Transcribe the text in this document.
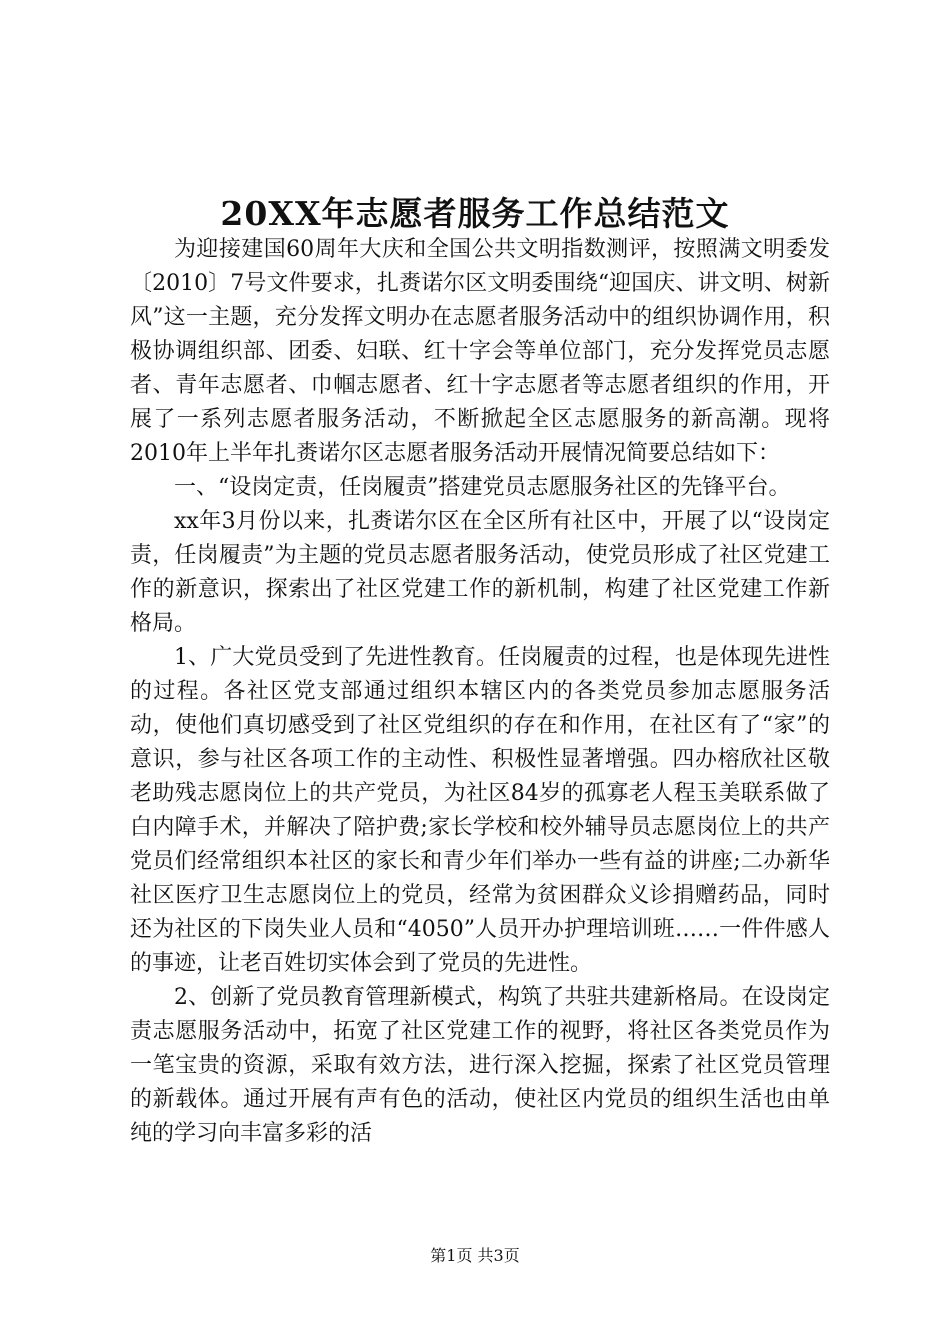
20XX年志愿者服务工作总结范文

为迎接建国60周年大庆和全国公共文明指数测评，按照满文明委发〔2010〕7号文件要求，扎赉诺尔区文明委围绕“迎国庆、讲文明、树新风”这一主题，充分发挥文明办在志愿者服务活动中的组织协调作用，积极协调组织部、团委、妇联、红十字会等单位部门，充分发挥党员志愿者、青年志愿者、巾帼志愿者、红十字志愿者等志愿者组织的作用，开展了一系列志愿者服务活动，不断掀起全区志愿服务的新高潮。现将2010年上半年扎赉诺尔区志愿者服务活动开展情况简要总结如下：

一、“设岗定责，任岗履责”搭建党员志愿服务社区的先锋平台。

xx年3月份以来，扎赉诺尔区在全区所有社区中，开展了以“设岗定责，任岗履责”为主题的党员志愿者服务活动，使党员形成了社区党建工作的新意识，探索出了社区党建工作的新机制，构建了社区党建工作新格局。

1、广大党员受到了先进性教育。任岗履责的过程，也是体现先进性的过程。各社区党支部通过组织本辖区内的各类党员参加志愿服务活动，使他们真切感受到了社区党组织的存在和作用，在社区有了“家”的意识，参与社区各项工作的主动性、积极性显著增强。四办榕欣社区敬老助残志愿岗位上的共产党员，为社区84岁的孤寡老人程玉美联系做了白内障手术，并解决了陪护费;家长学校和校外辅导员志愿岗位上的共产党员们经常组织本社区的家长和青少年们举办一些有益的讲座;二办新华社区医疗卫生志愿岗位上的党员，经常为贫困群众义诊捐赠药品，同时还为社区的下岗失业人员和“4050”人员开办护理培训班……一件件感人的事迹，让老百姓切实体会到了党员的先进性。

2、创新了党员教育管理新模式，构筑了共驻共建新格局。在设岗定责志愿服务活动中，拓宽了社区党建工作的视野，将社区各类党员作为一笔宝贵的资源，采取有效方法，进行深入挖掘，探索了社区党员管理的新载体。通过开展有声有色的活动，使社区内党员的组织生活也由单纯的学习向丰富多彩的活

第1页 共3页
